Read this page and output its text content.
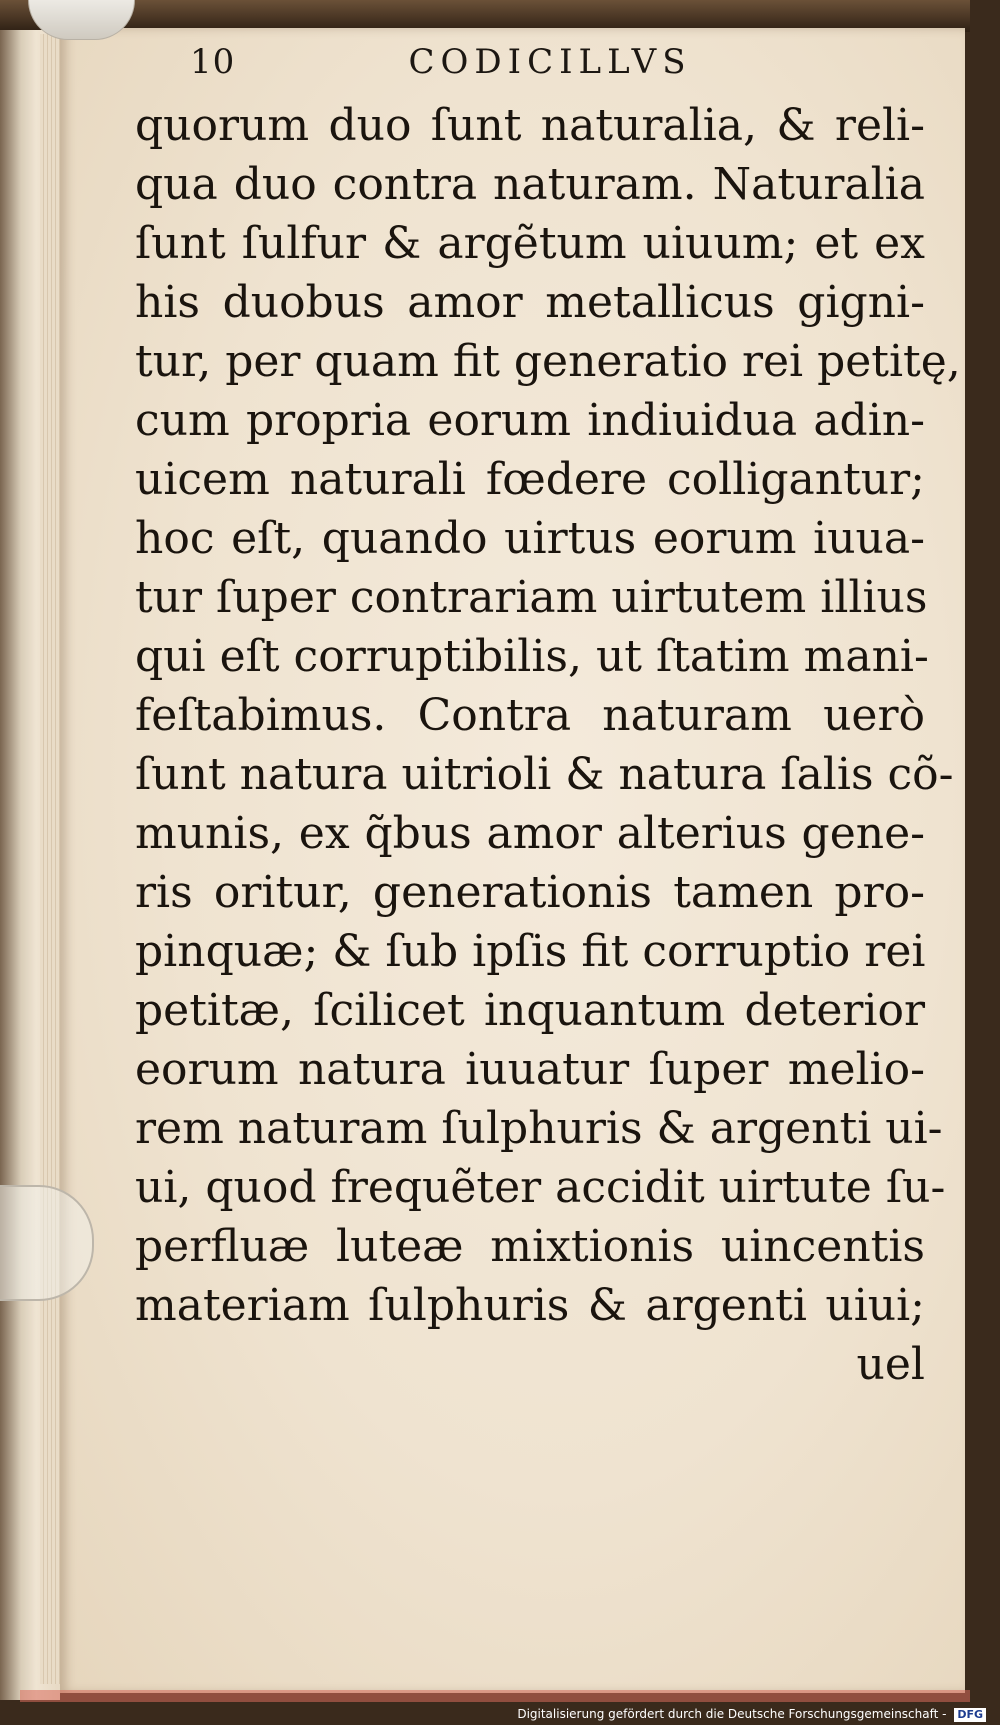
10	CODICILLVS
quorum duo ſunt naturalia, & reli-
qua duo contra naturam. Naturalia
ſunt ſulfur & argẽtum uiuum; et ex
his duobus amor metallicus gigni-
tur, per quam fit generatio rei petitę,
cum propria eorum indiuidua adin-
uicem naturali fœdere colligantur;
hoc eſt, quando uirtus eorum iuua-
tur ſuper contrariam uirtutem illius
qui eſt corruptibilis, ut ſtatim mani-
feſtabimus. Contra naturam uerò
ſunt natura uitrioli & natura ſalis cõ-
munis, ex q̃bus amor alterius gene-
ris oritur, generationis tamen pro-
pinquæ; & ſub ipſis fit corruptio rei
petitæ, ſcilicet inquantum deterior
eorum natura iuuatur ſuper melio-
rem naturam ſulphuris & argenti ui-
ui, quod frequẽter accidit uirtute ſu-
perfluæ luteæ mixtionis uincentis
materiam ſulphuris & argenti uiui;
uel
Digitalisierung gefördert durch die Deutsche Forschungsgemeinschaft - DFG
